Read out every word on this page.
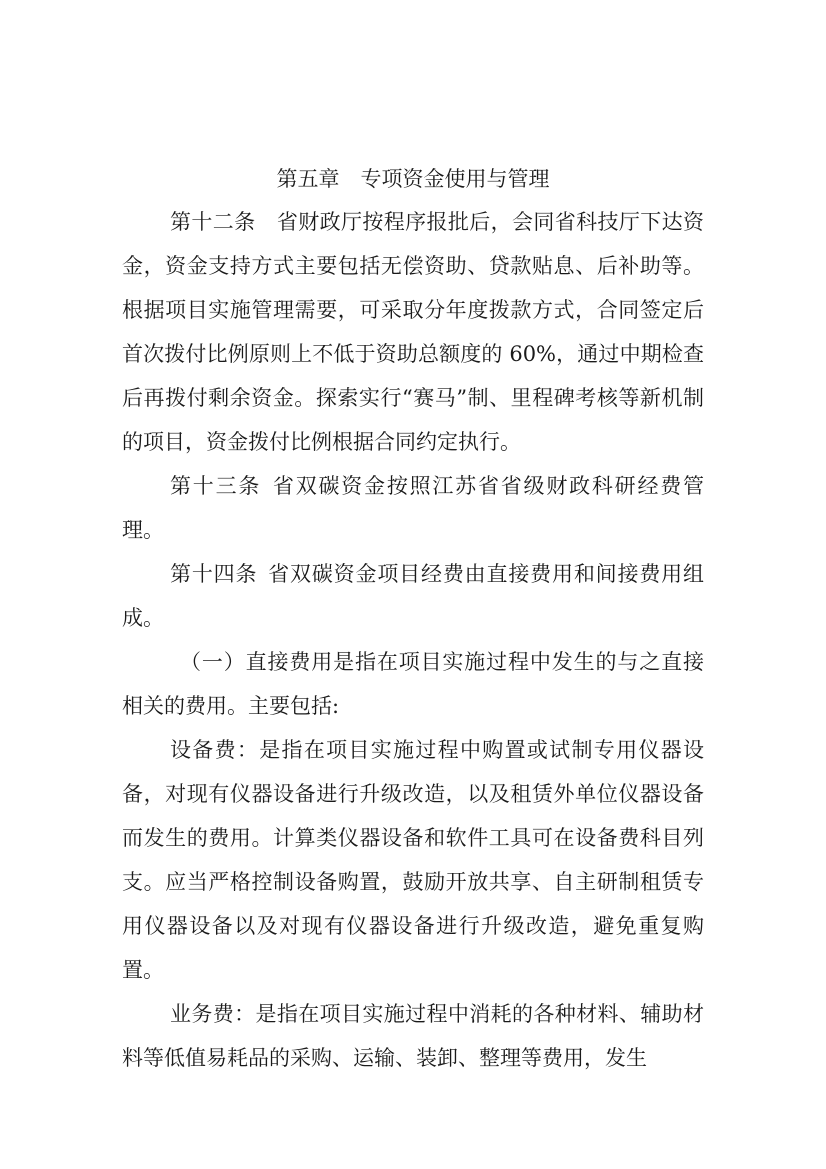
第五章 专项资金使用与管理

第十二条 省财政厅按程序报批后，会同省科技厅下达资金，资金支持方式主要包括无偿资助、贷款贴息、后补助等。根据项目实施管理需要，可采取分年度拨款方式，合同签定后首次拨付比例原则上不低于资助总额度的 60%，通过中期检查后再拨付剩余资金。探索实行“赛马”制、里程碑考核等新机制的项目，资金拨付比例根据合同约定执行。

第十三条 省双碳资金按照江苏省省级财政科研经费管理。

第十四条 省双碳资金项目经费由直接费用和间接费用组成。

（一）直接费用是指在项目实施过程中发生的与之直接相关的费用。主要包括:

设备费：是指在项目实施过程中购置或试制专用仪器设备，对现有仪器设备进行升级改造，以及租赁外单位仪器设备而发生的费用。计算类仪器设备和软件工具可在设备费科目列支。应当严格控制设备购置，鼓励开放共享、自主研制租赁专用仪器设备以及对现有仪器设备进行升级改造，避免重复购置。

业务费：是指在项目实施过程中消耗的各种材料、辅助材料等低值易耗品的采购、运输、装卸、整理等费用，发生
